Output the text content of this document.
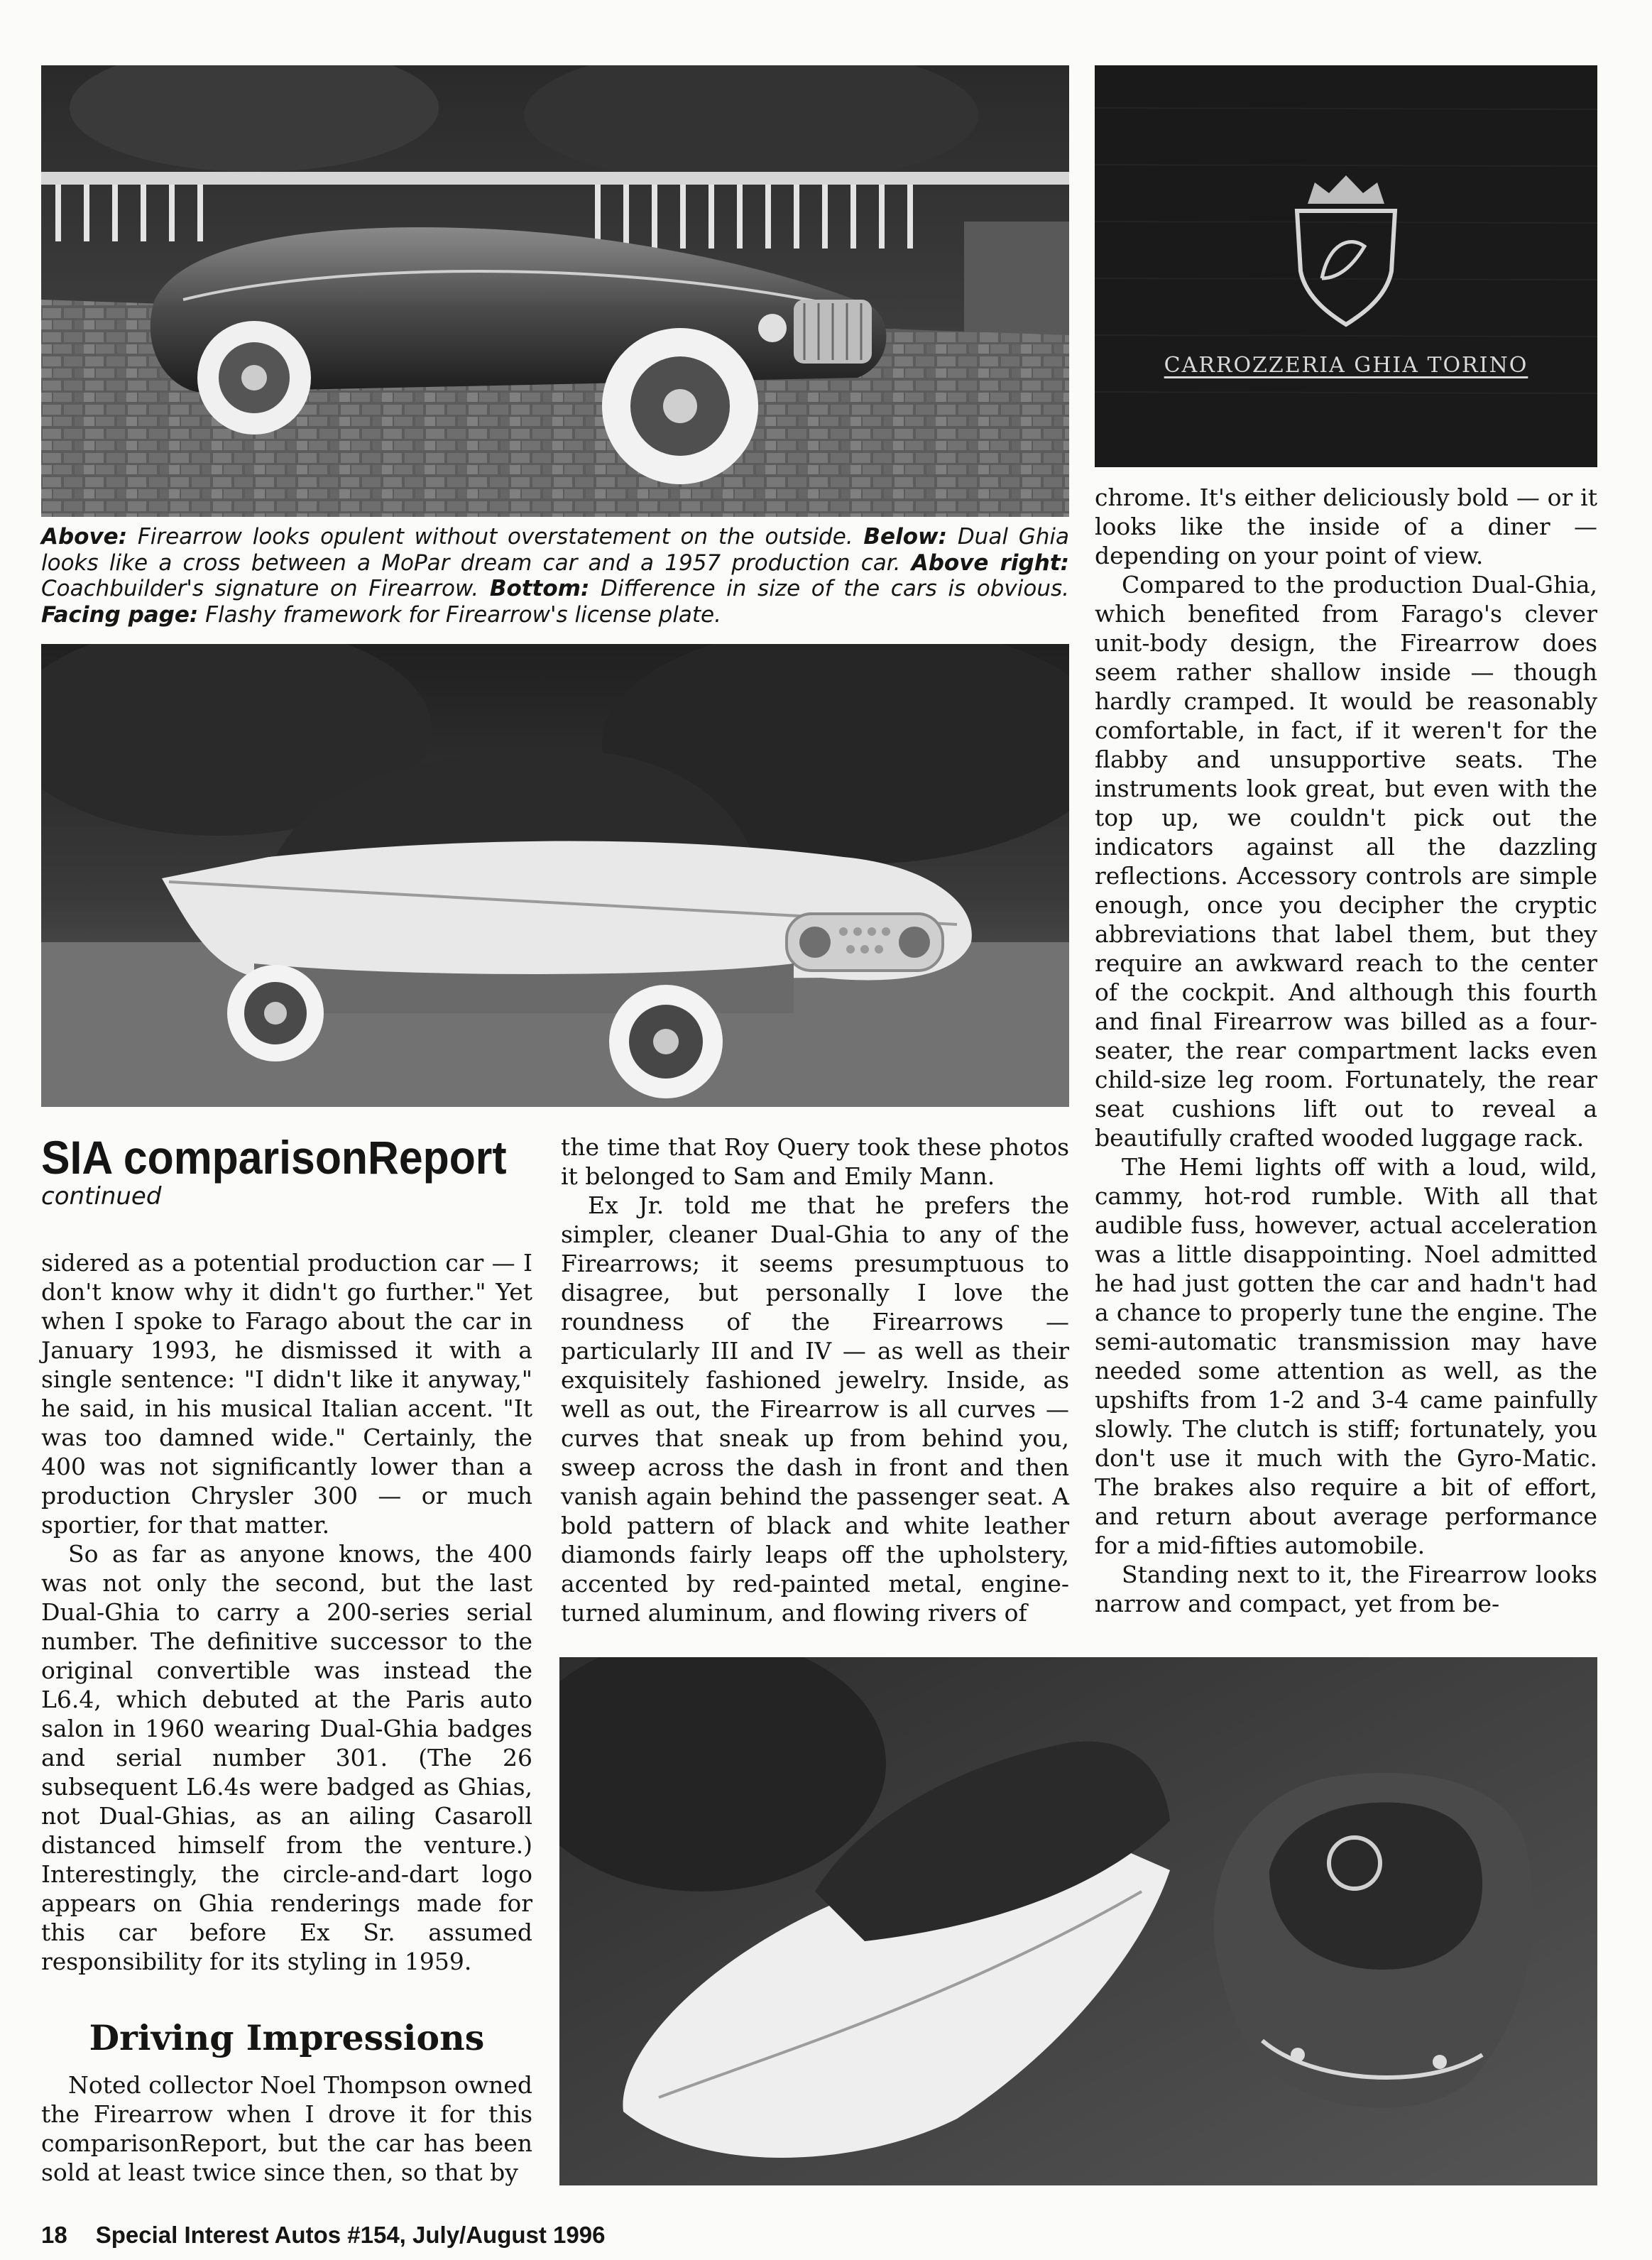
CARROZZERIA GHIA TORINO

Above: Firearrow looks opulent without overstatement on the outside. Below: Dual Ghia looks like a cross between a MoPar dream car and a 1957 production car. Above right: Coachbuilder's signature on Firearrow. Bottom: Difference in size of the cars is obvious. Facing page: Flashy framework for Firearrow's license plate.

SIA comparisonReport

continued

sidered as a potential production car — I don't know why it didn't go further." Yet when I spoke to Farago about the car in January 1993, he dismissed it with a single sentence: "I didn't like it anyway," he said, in his musical Italian accent. "It was too damned wide." Certainly, the 400 was not significantly lower than a production Chrysler 300 — or much sportier, for that matter.

So as far as anyone knows, the 400 was not only the second, but the last Dual-Ghia to carry a 200-series serial number. The definitive successor to the original convertible was instead the L6.4, which debuted at the Paris auto salon in 1960 wearing Dual-Ghia badges and serial number 301. (The 26 subsequent L6.4s were badged as Ghias, not Dual-Ghias, as an ailing Casaroll distanced himself from the venture.) Interestingly, the circle-and-dart logo appears on Ghia renderings made for this car before Ex Sr. assumed responsibility for its styling in 1959.

Driving Impressions

Noted collector Noel Thompson owned the Firearrow when I drove it for this comparisonReport, but the car has been sold at least twice since then, so that by

the time that Roy Query took these photos it belonged to Sam and Emily Mann.

Ex Jr. told me that he prefers the simpler, cleaner Dual-Ghia to any of the Firearrows; it seems presumptuous to disagree, but personally I love the roundness of the Firearrows — particularly III and IV — as well as their exquisitely fashioned jewelry. Inside, as well as out, the Firearrow is all curves — curves that sneak up from behind you, sweep across the dash in front and then vanish again behind the passenger seat. A bold pattern of black and white leather diamonds fairly leaps off the upholstery, accented by red-painted metal, engine-turned aluminum, and flowing rivers of

chrome. It's either deliciously bold — or it looks like the inside of a diner — depending on your point of view.

Compared to the production Dual-Ghia, which benefited from Farago's clever unit-body design, the Firearrow does seem rather shallow inside — though hardly cramped. It would be reasonably comfortable, in fact, if it weren't for the flabby and unsupportive seats. The instruments look great, but even with the top up, we couldn't pick out the indicators against all the dazzling reflections. Accessory controls are simple enough, once you decipher the cryptic abbreviations that label them, but they require an awkward reach to the center of the cockpit. And although this fourth and final Firearrow was billed as a four-seater, the rear compartment lacks even child-size leg room. Fortunately, the rear seat cushions lift out to reveal a beautifully crafted wooded luggage rack.

The Hemi lights off with a loud, wild, cammy, hot-rod rumble. With all that audible fuss, however, actual acceleration was a little disappointing. Noel admitted he had just gotten the car and hadn't had a chance to properly tune the engine. The semi-automatic transmission may have needed some attention as well, as the upshifts from 1-2 and 3-4 came painfully slowly. The clutch is stiff; fortunately, you don't use it much with the Gyro-Matic. The brakes also require a bit of effort, and return about average performance for a mid-fifties automobile.

Standing next to it, the Firearrow looks narrow and compact, yet from be-

18 Special Interest Autos #154, July/August 1996
